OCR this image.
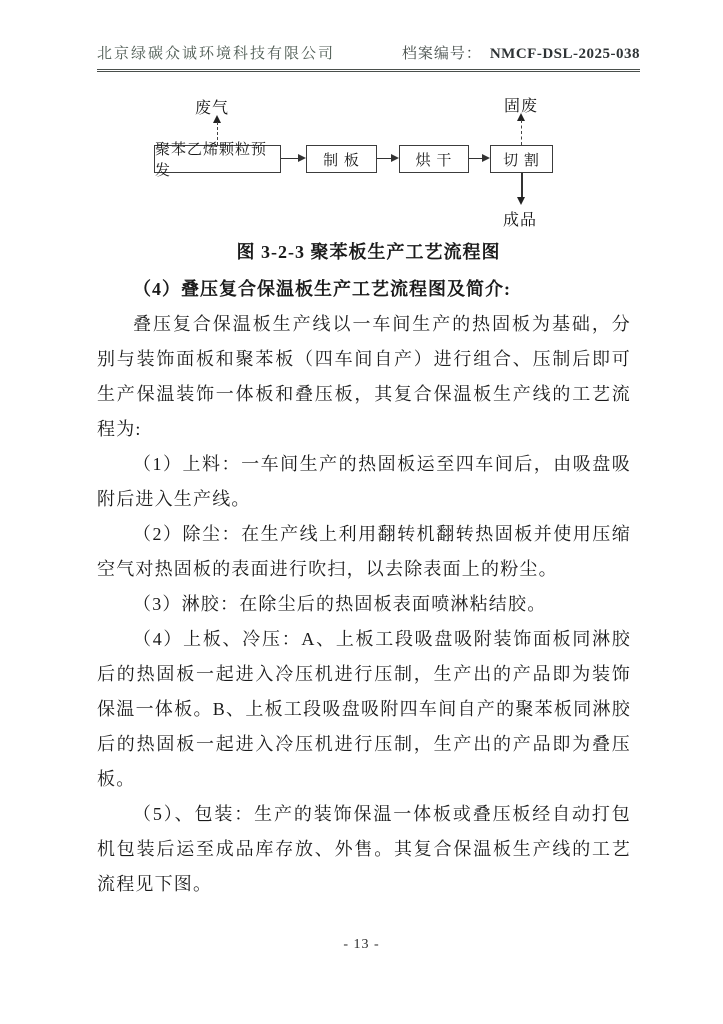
北京绿碳众诚环境科技有限公司	档案编号： NMCF-DSL-2025-038
废气	固废
聚苯乙烯颗粒预发
制 板	烘 干	切 割
成品
图 3-2-3 聚苯板生产工艺流程图

（4）叠压复合保温板生产工艺流程图及简介:

叠压复合保温板生产线以一车间生产的热固板为基础，分别与装饰面板和聚苯板（四车间自产）进行组合、压制后即可生产保温装饰一体板和叠压板，其复合保温板生产线的工艺流程为:

（1）上料：一车间生产的热固板运至四车间后，由吸盘吸附后进入生产线。

（2）除尘：在生产线上利用翻转机翻转热固板并使用压缩空气对热固板的表面进行吹扫，以去除表面上的粉尘。

（3）淋胶：在除尘后的热固板表面喷淋粘结胶。

（4）上板、冷压：A、上板工段吸盘吸附装饰面板同淋胶后的热固板一起进入冷压机进行压制，生产出的产品即为装饰保温一体板。B、上板工段吸盘吸附四车间自产的聚苯板同淋胶后的热固板一起进入冷压机进行压制，生产出的产品即为叠压板。

（5）、包装：生产的装饰保温一体板或叠压板经自动打包机包装后运至成品库存放、外售。其复合保温板生产线的工艺流程见下图。

- 13 -
